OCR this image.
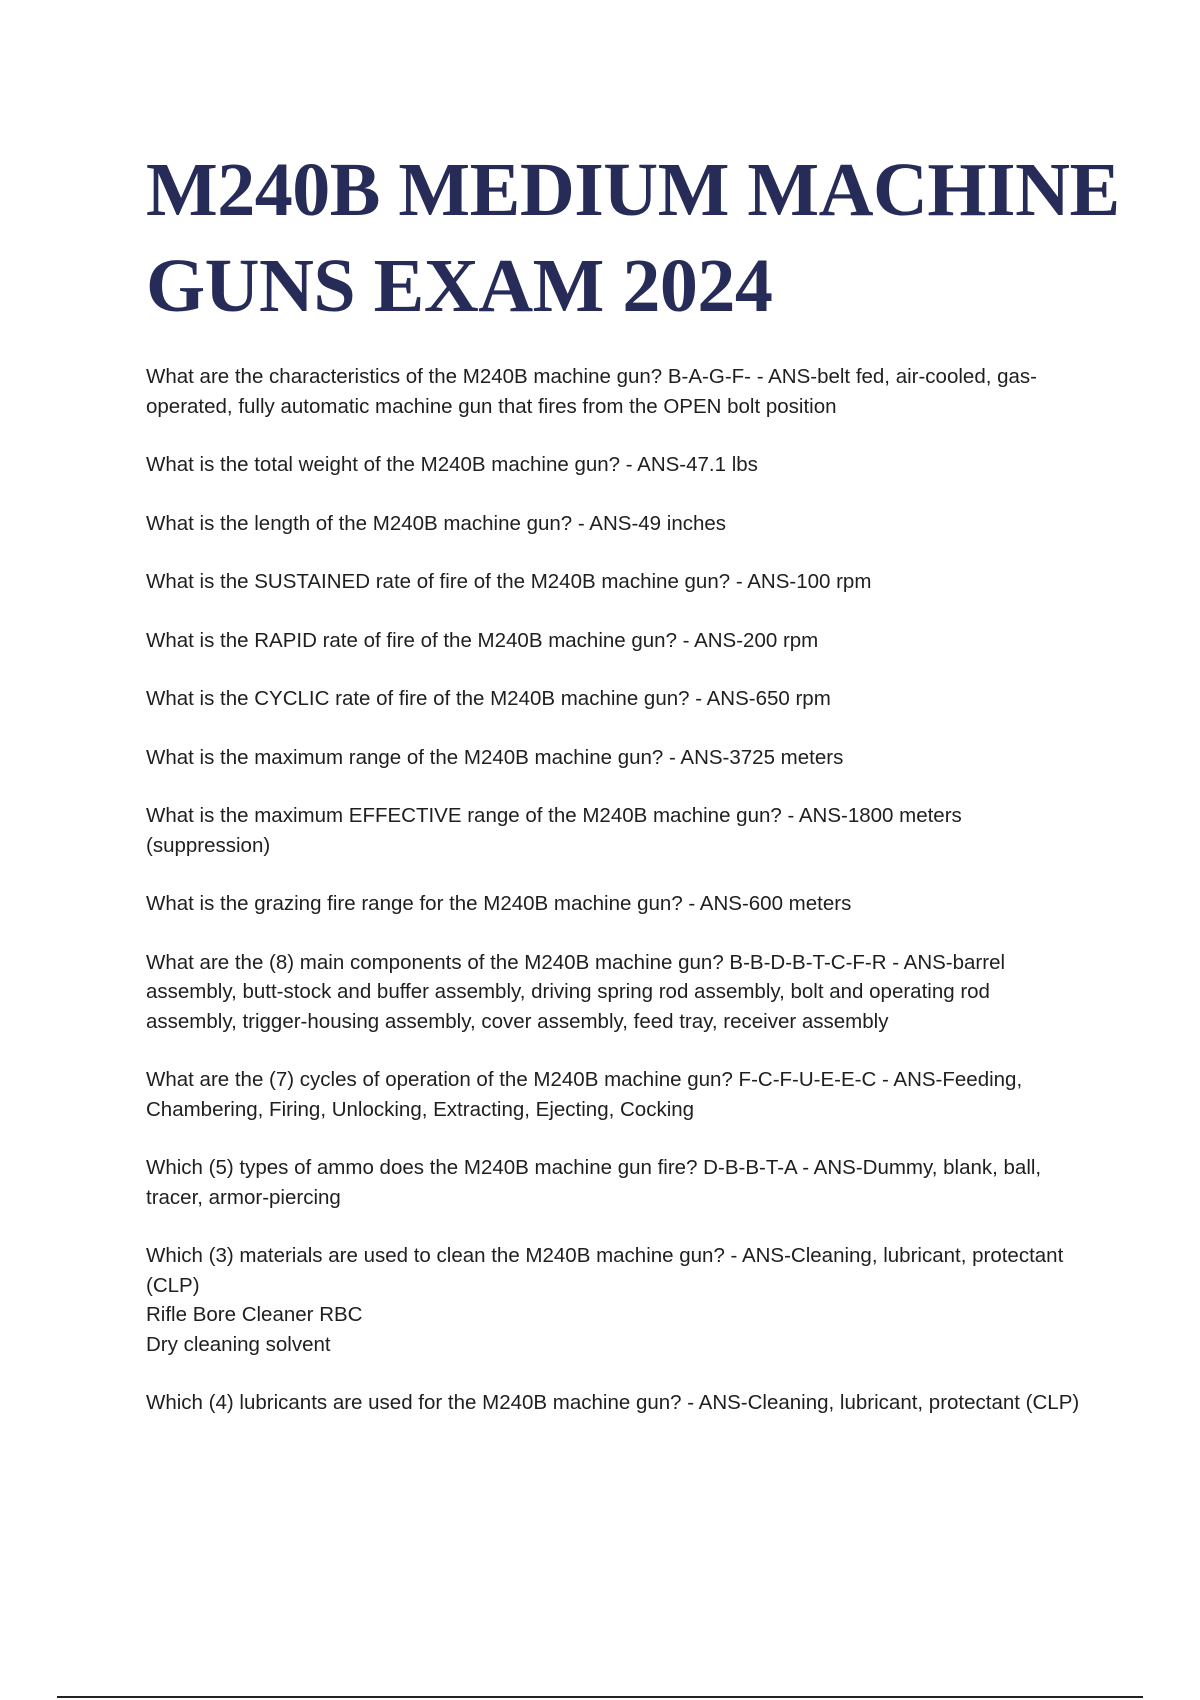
M240B MEDIUM MACHINE
GUNS EXAM 2024

What are the characteristics of the M240B machine gun? B-A-G-F- - ANS-belt fed, air-cooled, gas-operated, fully automatic machine gun that fires from the OPEN bolt position

What is the total weight of the M240B machine gun? - ANS-47.1 lbs

What is the length of the M240B machine gun? - ANS-49 inches

What is the SUSTAINED rate of fire of the M240B machine gun? - ANS-100 rpm

What is the RAPID rate of fire of the M240B machine gun? - ANS-200 rpm

What is the CYCLIC rate of fire of the M240B machine gun? - ANS-650 rpm

What is the maximum range of the M240B machine gun? - ANS-3725 meters

What is the maximum EFFECTIVE range of the M240B machine gun? - ANS-1800 meters (suppression)

What is the grazing fire range for the M240B machine gun? - ANS-600 meters

What are the (8) main components of the M240B machine gun? B-B-D-B-T-C-F-R - ANS-barrel assembly, butt-stock and buffer assembly, driving spring rod assembly, bolt and operating rod assembly, trigger-housing assembly, cover assembly, feed tray, receiver assembly

What are the (7) cycles of operation of the M240B machine gun? F-C-F-U-E-E-C - ANS-Feeding, Chambering, Firing, Unlocking, Extracting, Ejecting, Cocking

Which (5) types of ammo does the M240B machine gun fire? D-B-B-T-A - ANS-Dummy, blank, ball, tracer, armor-piercing

Which (3) materials are used to clean the M240B machine gun? - ANS-Cleaning, lubricant, protectant (CLP)
Rifle Bore Cleaner RBC
Dry cleaning solvent

Which (4) lubricants are used for the M240B machine gun? - ANS-Cleaning, lubricant, protectant (CLP)
